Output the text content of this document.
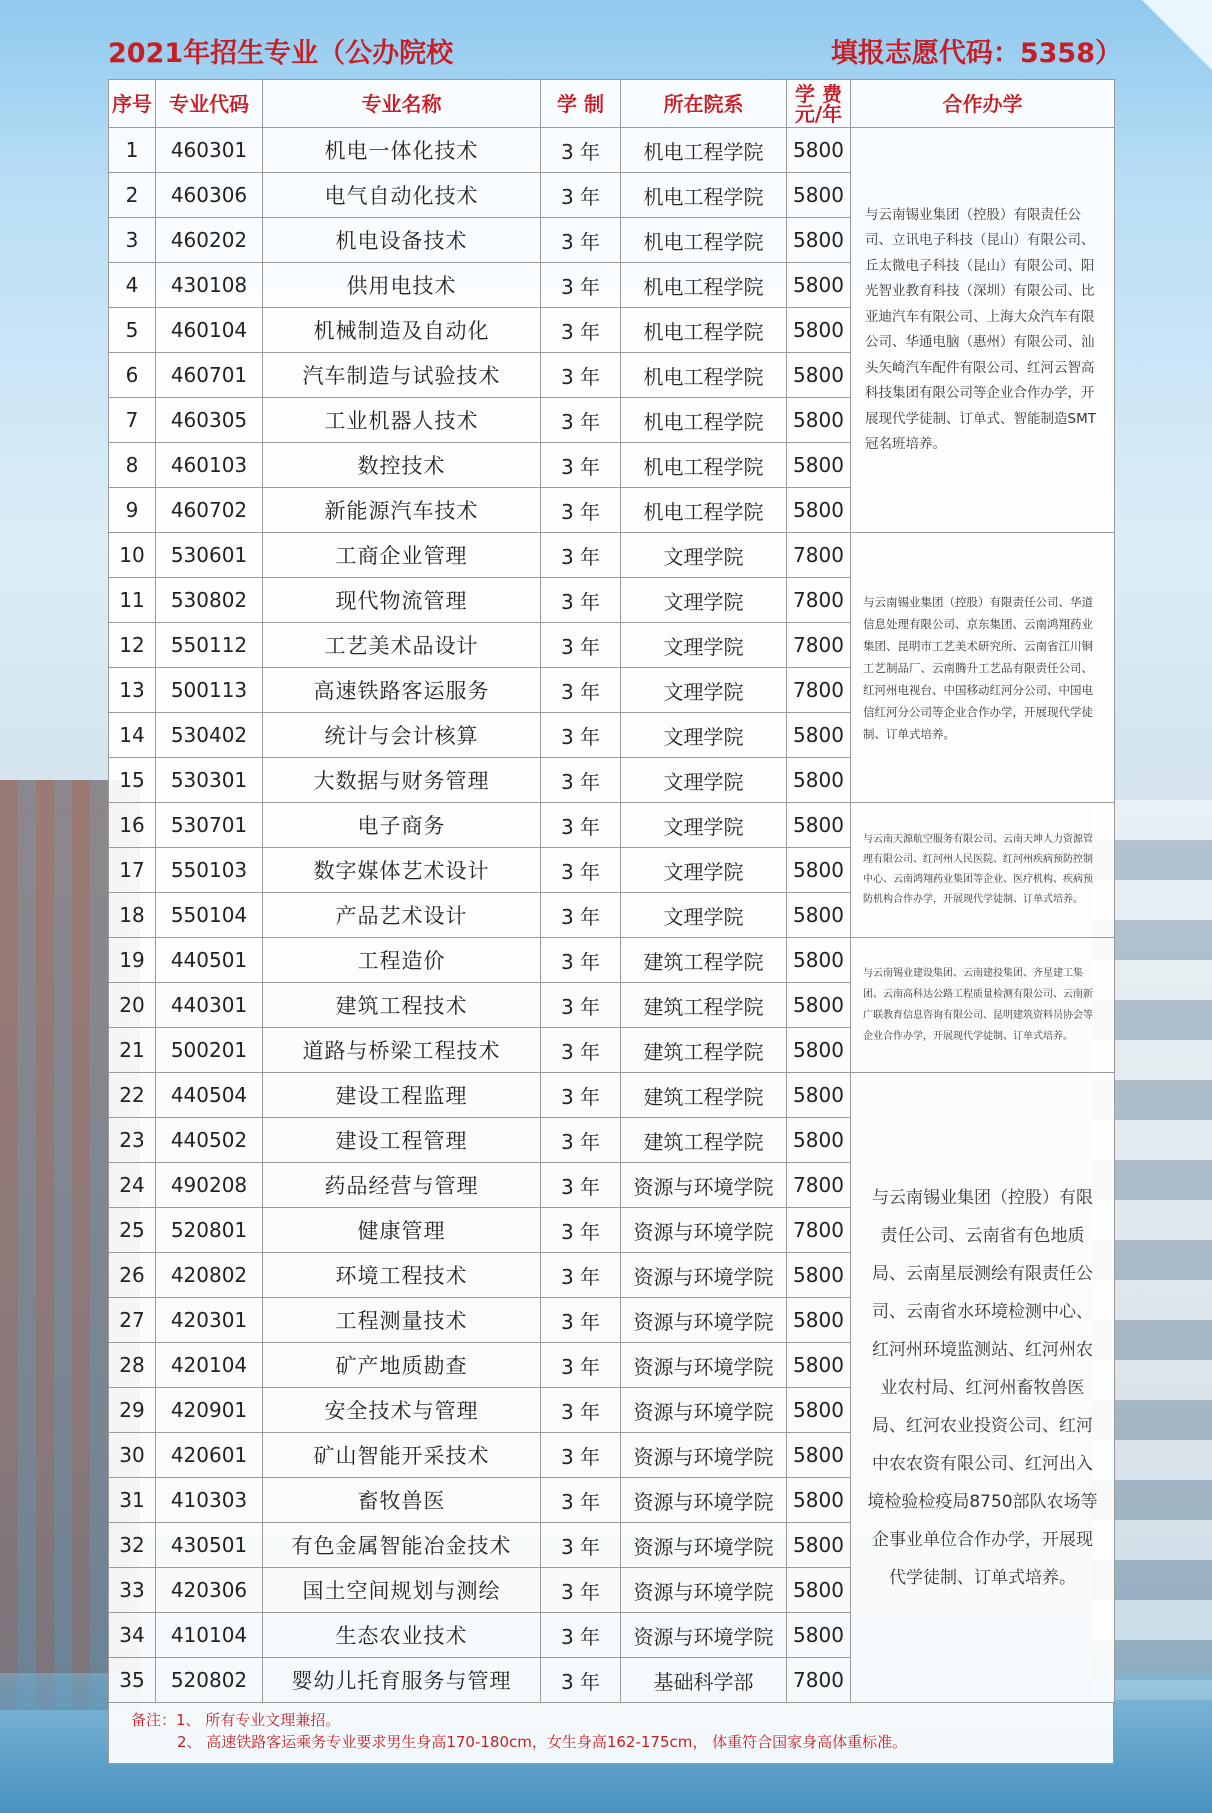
2021年招生专业（公办院校	填报志愿代码：5358）
序号	专业代码	专业名称	学 制	所在院系	学 费 元/年	合作办学
1	460301	机电一体化技术	3 年	机电工程学院	5800	与云南锡业集团（控股）有限责任公司、立讯电子科技（昆山）有限公司、丘太微电子科技（昆山）有限公司、阳光智业教育科技（深圳）有限公司、比亚迪汽车有限公司、上海大众汽车有限公司、华通电脑（惠州）有限公司、汕头矢崎汽车配件有限公司、红河云智高科技集团有限公司等企业合作办学，开展现代学徒制、订单式、智能制造SMT冠名班培养。
2	460306	电气自动化技术	3 年	机电工程学院	5800	
3	460202	机电设备技术	3 年	机电工程学院	5800	
4	430108	供用电技术	3 年	机电工程学院	5800	
5	460104	机械制造及自动化	3 年	机电工程学院	5800	
6	460701	汽车制造与试验技术	3 年	机电工程学院	5800	
7	460305	工业机器人技术	3 年	机电工程学院	5800	
8	460103	数控技术	3 年	机电工程学院	5800	
9	460702	新能源汽车技术	3 年	机电工程学院	5800	
10	530601	工商企业管理	3 年	文理学院	7800	与云南锡业集团（控股）有限责任公司、华道信息处理有限公司、京东集团、云南鸿翔药业集团、昆明市工艺美术研究所、云南省江川铜工艺制品厂、云南腾升工艺品有限责任公司、红河州电视台、中国移动红河分公司、中国电信红河分公司等企业合作办学，开展现代学徒制、订单式培养。
11	530802	现代物流管理	3 年	文理学院	7800	
12	550112	工艺美术品设计	3 年	文理学院	7800	
13	500113	高速铁路客运服务	3 年	文理学院	7800	
14	530402	统计与会计核算	3 年	文理学院	5800	
15	530301	大数据与财务管理	3 年	文理学院	5800	
16	530701	电子商务	3 年	文理学院	5800	与云南天源航空服务有限公司、云南天坤人力资源管理有限公司、红河州人民医院、红河州疾病预防控制中心、云南鸿翔药业集团等企业、医疗机构、疾病预防机构合作办学，开展现代学徒制、订单式培养。
17	550103	数字媒体艺术设计	3 年	文理学院	5800	
18	550104	产品艺术设计	3 年	文理学院	5800	
19	440501	工程造价	3 年	建筑工程学院	5800	与云南锡业建设集团、云南建投集团、齐星建工集团、云南高科达公路工程质量检测有限公司、云南新广联教育信息咨询有限公司、昆明建筑资料员协会等企业合作办学，开展现代学徒制、订单式培养。
20	440301	建筑工程技术	3 年	建筑工程学院	5800	
21	500201	道路与桥梁工程技术	3 年	建筑工程学院	5800	
22	440504	建设工程监理	3 年	建筑工程学院	5800	与云南锡业集团（控股）有限责任公司、云南省有色地质局、云南星辰测绘有限责任公司、云南省水环境检测中心、红河州环境监测站、红河州农业农村局、红河州畜牧兽医局、红河农业投资公司、红河中农农资有限公司、红河出入境检验检疫局8750部队农场等企事业单位合作办学，开展现代学徒制、订单式培养。
23	440502	建设工程管理	3 年	建筑工程学院	5800	
24	490208	药品经营与管理	3 年	资源与环境学院	7800	
25	520801	健康管理	3 年	资源与环境学院	7800	
26	420802	环境工程技术	3 年	资源与环境学院	5800	
27	420301	工程测量技术	3 年	资源与环境学院	5800	
28	420104	矿产地质勘查	3 年	资源与环境学院	5800	
29	420901	安全技术与管理	3 年	资源与环境学院	5800	
30	420601	矿山智能开采技术	3 年	资源与环境学院	5800	
31	410303	畜牧兽医	3 年	资源与环境学院	5800	
32	430501	有色金属智能冶金技术	3 年	资源与环境学院	5800	
33	420306	国土空间规划与测绘	3 年	资源与环境学院	5800	
34	410104	生态农业技术	3 年	资源与环境学院	5800	
35	520802	婴幼儿托育服务与管理	3 年	基础科学部	7800	
备注：1、 所有专业文理兼招。
2、 高速铁路客运乘务专业要求男生身高170-180cm，女生身高162-175cm， 体重符合国家身高体重标准。
